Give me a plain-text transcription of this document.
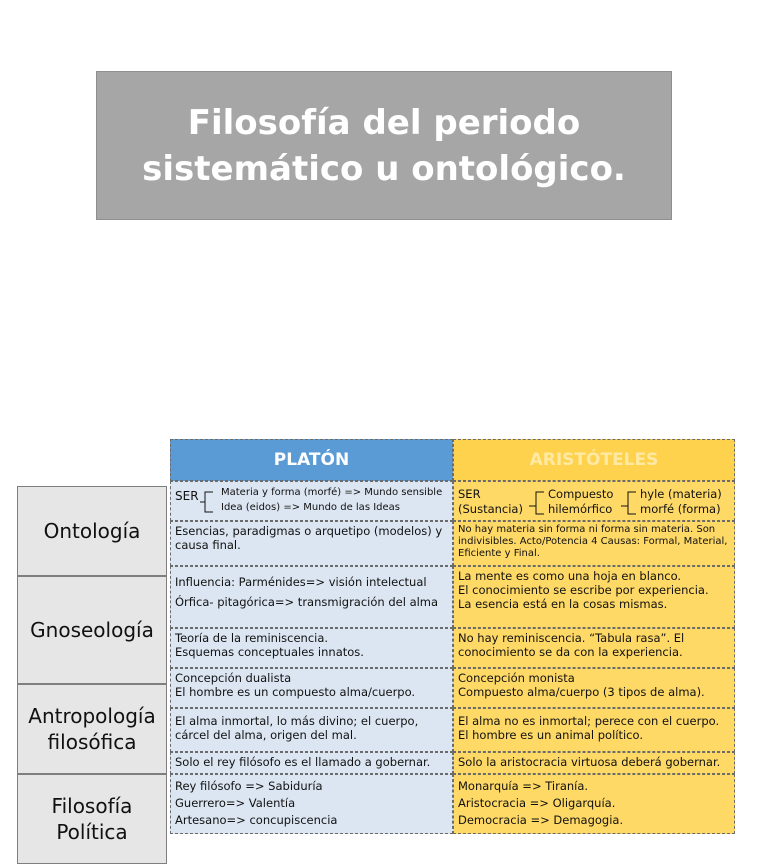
Filosofía del periodo
sistemático u ontológico.
Ontología
Gnoseología
Antropología
filosófica
Filosofía
Política
PLATÓN	ARISTÓTELES
SER Materia y forma (morfé) => Mundo sensible
Idea (eidos) => Mundo de las Ideas
SER
(Sustancia)
Compuesto
hilemórfico
hyle (materia)
morfé (forma)
Esencias, paradigmas o arquetipo (modelos) y causa final.
No hay materia sin forma ni forma sin materia. Son indivisibles. Acto/Potencia 4 Causas: Formal, Material, Eficiente y Final.
Influencia: Parménides=> visión intelectual
Órfica- pitagórica=> transmigración del alma
La mente es como una hoja en blanco.
El conocimiento se escribe por experiencia.
La esencia está en la cosas mismas.
Teoría de la reminiscencia.
Esquemas conceptuales innatos.
No hay reminiscencia. “Tabula rasa”. El
conocimiento se da con la experiencia.
Concepción dualista
El hombre es un compuesto alma/cuerpo.
Concepción monista
Compuesto alma/cuerpo (3 tipos de alma).
El alma inmortal, lo más divino; el cuerpo,
cárcel del alma, origen del mal.
El alma no es inmortal; perece con el cuerpo.
El hombre es un animal político.
Solo el rey filósofo es el llamado a gobernar.	Solo la aristocracia virtuosa deberá gobernar.
Rey filósofo => Sabiduría
Guerrero=> Valentía
Artesano=> concupiscencia
Monarquía => Tiranía.
Aristocracia => Oligarquía.
Democracia => Demagogia.
